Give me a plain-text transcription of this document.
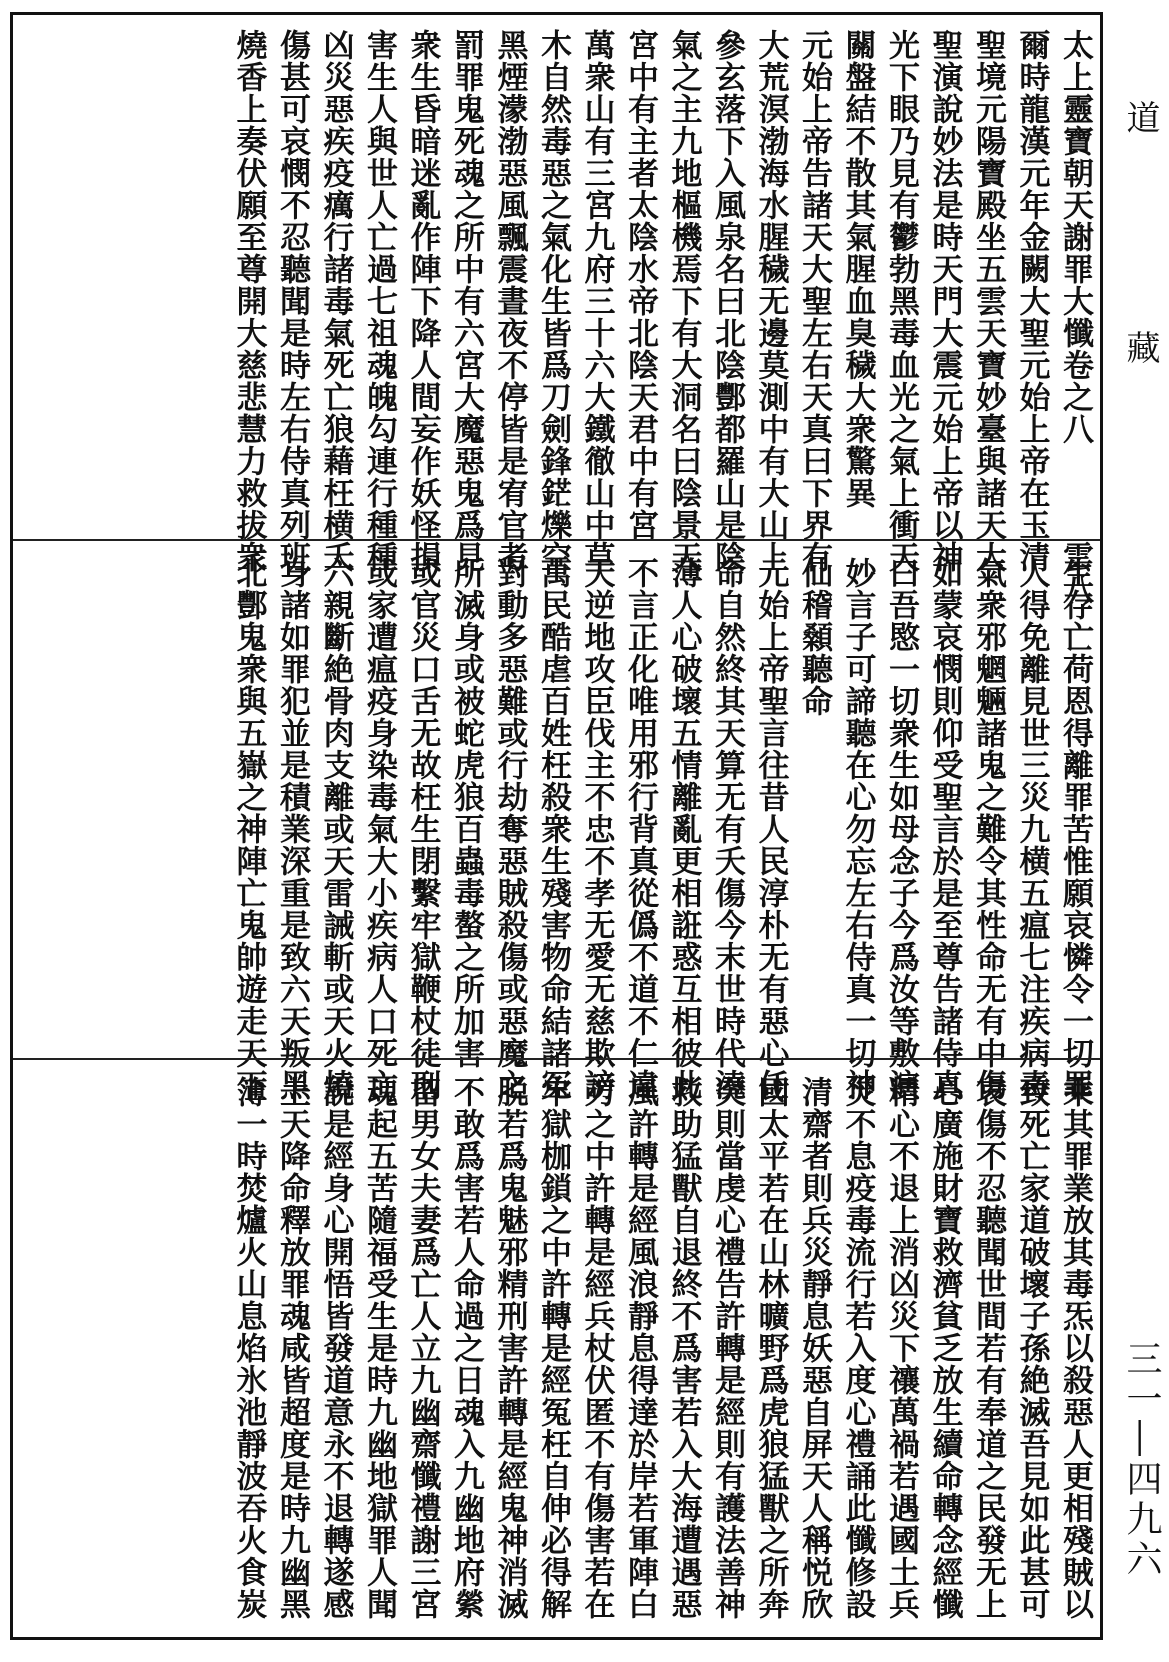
太上靈寶朝天謝罪大懺卷之八　　　雲八
爾時龍漢元年金闕大聖元始上帝在玉清
聖境元陽寶殿坐五雲天寶妙臺與諸天大
聖演說妙法是時天門大震元始上帝以神
光下眼乃見有鬱勃黑毒血光之氣上衝天
關盤結不散其氣腥血臭穢大衆驚異
元始上帝告諸天大聖左右天真曰下界有
大荒溟渤海水腥穢无邊莫測中有大山上
參玄落下入風泉名曰北陰酆都羅山是陰
氣之主九地樞機焉下有大洞名曰陰景天
宮中有主者太陰水帝北陰天君中有宮
萬衆山有三宮九府三十六大鐵徹山中草
木自然毒惡之氣化生皆爲刀劍鋒鋩爍空
黑煙濛渤惡風飄震晝夜不停皆是宥官考
罰罪鬼死魂之所中有六宮大魔惡鬼爲見
衆生昏暗迷亂作陣下降人間妄作妖怪損
害生人與世人亡過七祖魂魄勾連行種種
凶災惡疾疫癘行諸毒氣死亡狼藉枉横夭
傷甚可哀憫不忍聽聞是時左右侍真列班
燒香上奏伏願至尊開大慈悲慧力救拔衆
生存亡荷恩得離罪苦惟願哀憐令一切罪
人得免離見世三災九横五瘟七注疾病毒
氣衆邪魍魎諸鬼之難令其性命无有中傷
如蒙哀憫則仰受聖言於是至尊告諸侍真
曰吾愍一切衆生如母念子今爲汝等敷演
妙言子可諦聽在心勿忘左右侍真一切神
仙稽顙聽命
元始上帝聖言往昔人民淳朴无有惡心任
命自然終其天算无有夭傷今末世時代澆
薄人心破壞五情離亂更相誑惑互相彼此
不言正化唯用邪行背真從僞不道不仁違
天逆地攻臣伐主不忠不孝无愛无慈欺謗
萬民酷虐百姓枉殺衆生殘害物命結諸冤
對動多惡難或行劫奪惡賊殺傷或惡魔之
所滅身或被蛇虎狼百蟲毒螯之所加害
或官災口舌无故枉生閉繫牢獄鞭杖徒刑
或家遭瘟疫身染毒氣大小疾病人口死亡
六親斷絶骨肉支離或天雷誡斬或天火燒
身諸如罪犯並是積業深重是致六天叛黑
北酆鬼衆與五嶽之神陣亡鬼帥遊走天下
乘其罪業放其毒炁以殺惡人更相殘賊以
致死亡家道破壞子孫絶滅吾見如此甚可
哀傷不忍聽聞世間若有奉道之民發无上
心廣施財寶救濟貧乏放生續命轉念經懺
精心不退上消凶災下禳萬禍若遇國土兵
災不息疫毒流行若入度心禮誦此懺修設
清齋者則兵災靜息妖惡自屏天人稱悦欣
國太平若在山林曠野爲虎狼猛獸之所奔
突則當虔心禮告許轉是經則有護法善神
救助猛獸自退終不爲害若入大海遭遇惡
風許轉是經風浪靜息得達於岸若軍陣白
刃之中許轉是經兵杖伏匿不有傷害若在
牢獄枷鎖之中許轉是經冤枉自伸必得解
脱若爲鬼魅邪精刑害許轉是經鬼神消滅
不敢爲害若人命過之日魂入九幽地府縈
留男女夫妻爲亡人立九幽齋懺禮謝三宮
魂起五苦隨福受生是時九幽地獄罪人聞
說是經身心開悟皆發道意永不退轉遂感
上天降命釋放罪魂咸皆超度是時九幽黑
簿一時焚爐火山息焰氷池靜波吞火食炭
道
藏
三一―四九六
